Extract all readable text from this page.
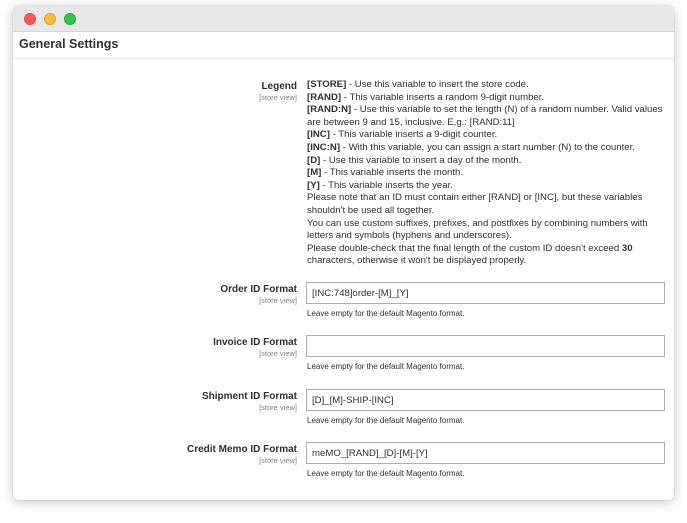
General Settings
Legend
[store view]
[STORE] - Use this variable to insert the store code.
[RAND] - This variable inserts a random 9-digit number.
[RAND:N] - Use this variable to set the length (N) of a random number. Valid values are between 9 and 15, inclusive. E.g.: [RAND:11]
[INC] - This variable inserts a 9-digit counter.
[INC:N] - With this variable, you can assign a start number (N) to the counter.
[D] - Use this variable to insert a day of the month.
[M] - This variable inserts the month.
[Y] - This variable inserts the year.
Please note that an ID must contain either [RAND] or [INC], but these variables shouldn't be used all together.
You can use custom suffixes, prefixes, and postfixes by combining numbers with letters and symbols (hyphens and underscores).
Please double-check that the final length of the custom ID doesn't exceed 30 characters, otherwise it won't be displayed properly.
Order ID Format
[store view]
[INC:748]order-[M]_[Y]
Leave empty for the default Magento format.
Invoice ID Format
[store view]
Leave empty for the default Magento format.
Shipment ID Format
[store view]
[D]_[M]-SHIP-[INC]
Leave empty for the default Magento format.
Credit Memo ID Format
[store view]
meMO_[RAND]_[D]-[M]-[Y]
Leave empty for the default Magento format.
